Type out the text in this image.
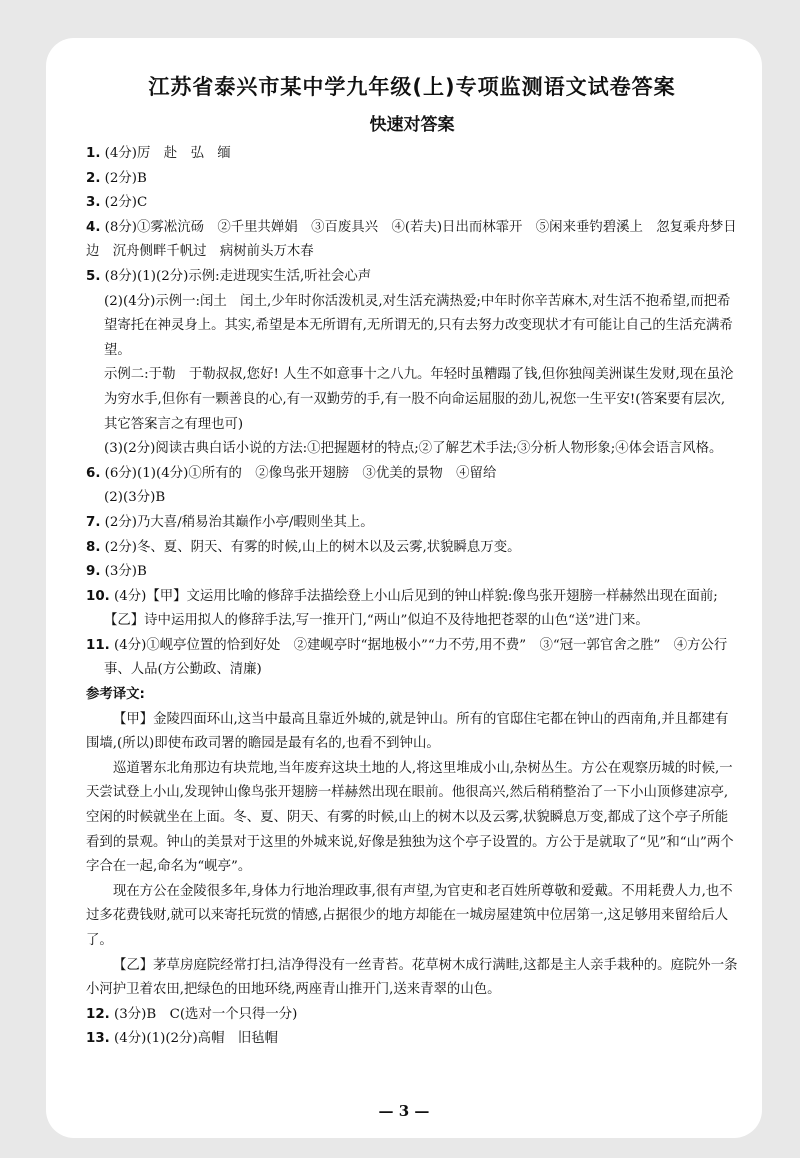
江苏省泰兴市某中学九年级(上)专项监测语文试卷答案
快速对答案
1. (4分)厉　赴　弘　缅
2. (2分)B
3. (2分)C
4. (8分)①雾凇沆砀　②千里共婵娟　③百废具兴　④(若夫)日出而林霏开　⑤闲来垂钓碧溪上　忽复乘舟梦日边　沉舟侧畔千帆过　病树前头万木春
5. (8分)(1)(2分)示例:走进现实生活,听社会心声
(2)(4分)示例一:闰土　闰土,少年时你活泼机灵,对生活充满热爱;中年时你辛苦麻木,对生活不抱希望,而把希望寄托在神灵身上。其实,希望是本无所谓有,无所谓无的,只有去努力改变现状才有可能让自己的生活充满希望。
示例二:于勒　于勒叔叔,您好! 人生不如意事十之八九。年轻时虽糟蹋了钱,但你独闯美洲谋生发财,现在虽沦为穷水手,但你有一颗善良的心,有一双勤劳的手,有一股不向命运屈服的劲儿,祝您一生平安!(答案要有层次,其它答案言之有理也可)
(3)(2分)阅读古典白话小说的方法:①把握题材的特点;②了解艺术手法;③分析人物形象;④体会语言风格。
6. (6分)(1)(4分)①所有的　②像鸟张开翅膀　③优美的景物　④留给
(2)(3分)B
7. (2分)乃大喜/稍易治其巅作小亭/暇则坐其上。
8. (2分)冬、夏、阴天、有雾的时候,山上的树木以及云雾,状貌瞬息万变。
9. (3分)B
10. (4分)【甲】文运用比喻的修辞手法描绘登上小山后见到的钟山样貌:像鸟张开翅膀一样赫然出现在面前;【乙】诗中运用拟人的修辞手法,写一推开门,“两山”似迫不及待地把苍翠的山色“送”进门来。
11. (4分)①岘亭位置的恰到好处　②建岘亭时“据地极小”“力不劳,用不费”　③“冠一郭官舍之胜”　④方公行事、人品(方公勤政、清廉)
参考译文:
【甲】金陵四面环山,这当中最高且靠近外城的,就是钟山。所有的官邸住宅都在钟山的西南角,并且都建有围墙,(所以)即使布政司署的瞻园是最有名的,也看不到钟山。
巡道署东北角那边有块荒地,当年废弃这块土地的人,将这里堆成小山,杂树丛生。方公在观察历城的时候,一天尝试登上小山,发现钟山像鸟张开翅膀一样赫然出现在眼前。他很高兴,然后稍稍整治了一下小山顶修建凉亭,空闲的时候就坐在上面。冬、夏、阴天、有雾的时候,山上的树木以及云雾,状貌瞬息万变,都成了这个亭子所能看到的景观。钟山的美景对于这里的外城来说,好像是独独为这个亭子设置的。方公于是就取了“见”和“山”两个字合在一起,命名为“岘亭”。
现在方公在金陵很多年,身体力行地治理政事,很有声望,为官吏和老百姓所尊敬和爱戴。不用耗费人力,也不过多花费钱财,就可以来寄托玩赏的情感,占据很少的地方却能在一城房屋建筑中位居第一,这足够用来留给后人了。
【乙】茅草房庭院经常打扫,洁净得没有一丝青苔。花草树木成行满畦,这都是主人亲手栽种的。庭院外一条小河护卫着农田,把绿色的田地环绕,两座青山推开门,送来青翠的山色。
12. (3分)B　C(选对一个只得一分)
13. (4分)(1)(2分)高帽　旧毡帽
— 3 —
